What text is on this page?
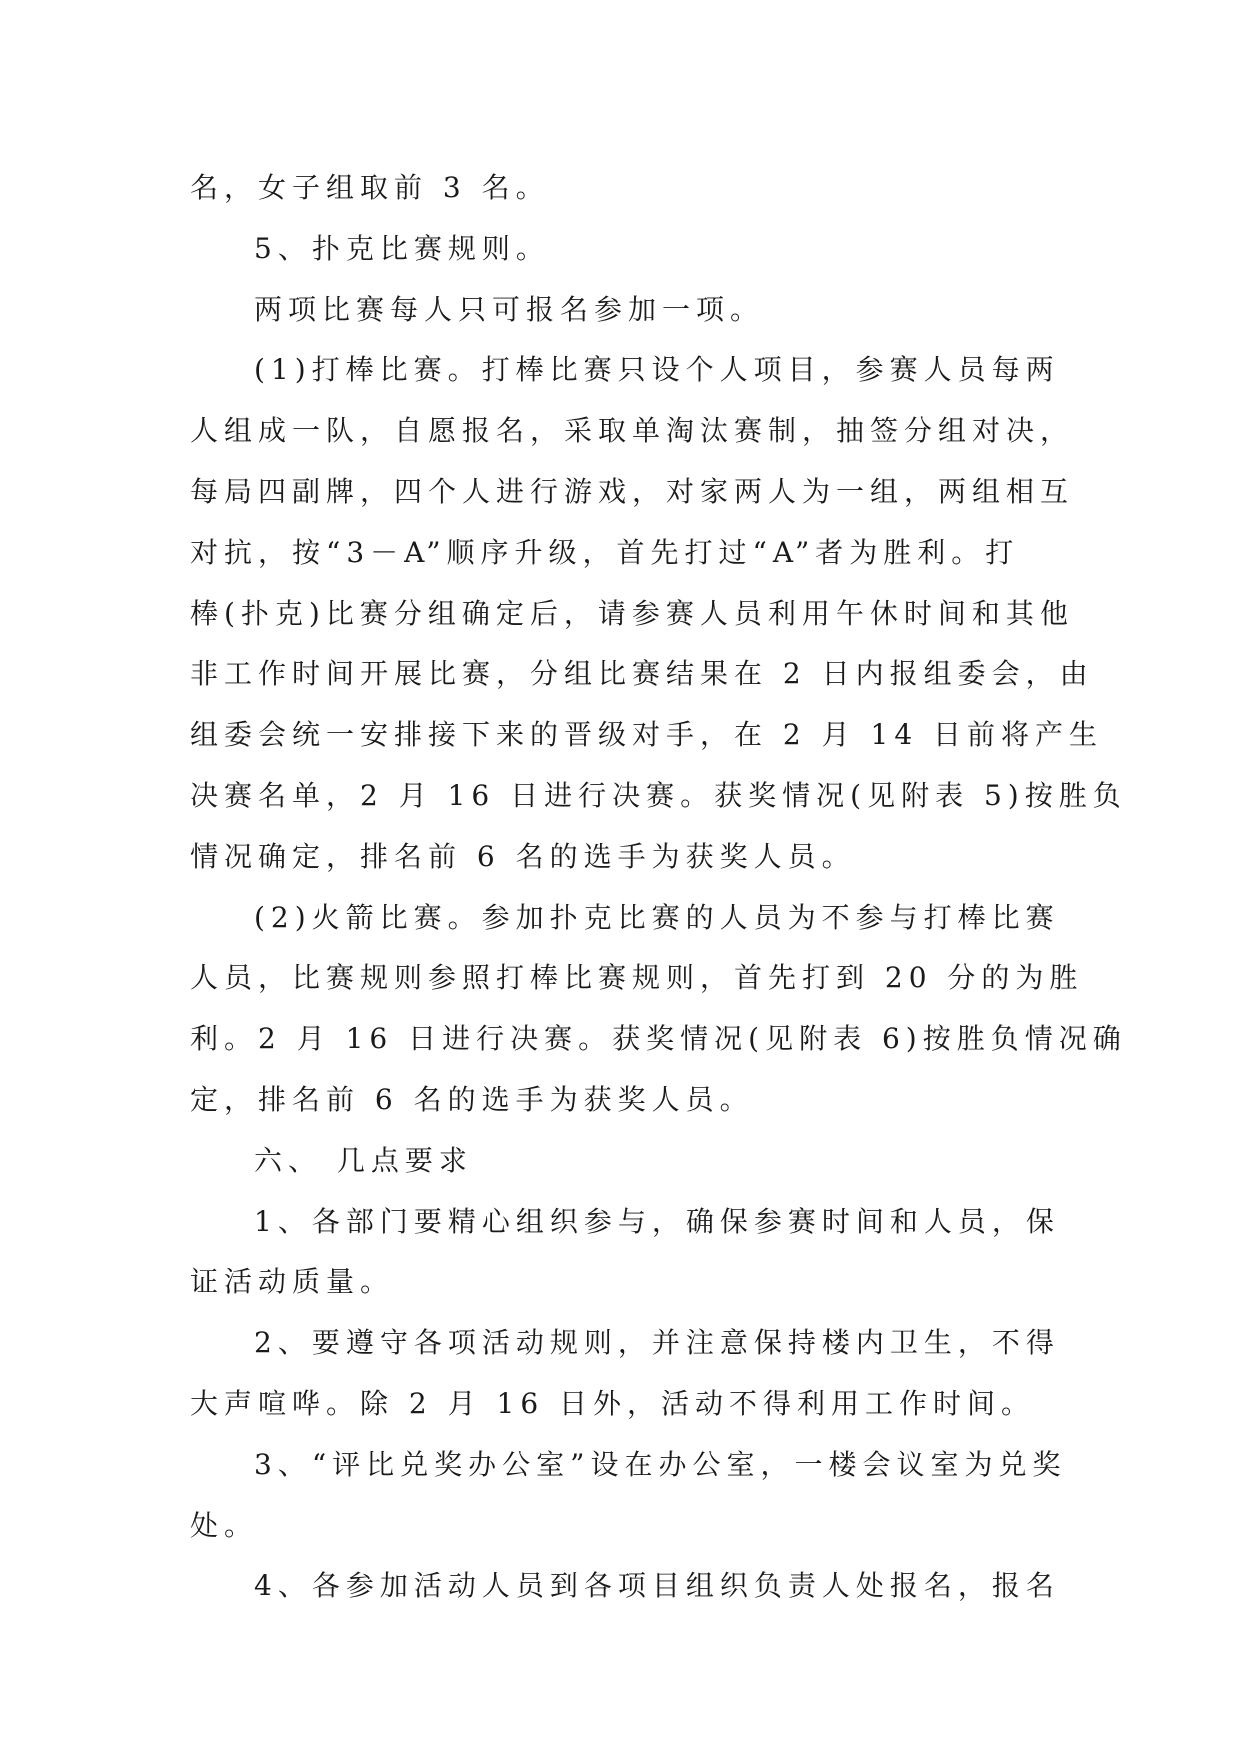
名，女子组取前 3 名。
5、扑克比赛规则。
两项比赛每人只可报名参加一项。
(1)打棒比赛。打棒比赛只设个人项目，参赛人员每两
人组成一队，自愿报名，采取单淘汰赛制，抽签分组对决，
每局四副牌，四个人进行游戏，对家两人为一组，两组相互
对抗，按“3－A”顺序升级，首先打过“A”者为胜利。打
棒(扑克)比赛分组确定后，请参赛人员利用午休时间和其他
非工作时间开展比赛，分组比赛结果在 2 日内报组委会，由
组委会统一安排接下来的晋级对手，在 2 月 14 日前将产生
决赛名单，2 月 16 日进行决赛。获奖情况(见附表 5)按胜负
情况确定，排名前 6 名的选手为获奖人员。
(2)火箭比赛。参加扑克比赛的人员为不参与打棒比赛
人员，比赛规则参照打棒比赛规则，首先打到 20 分的为胜
利。2 月 16 日进行决赛。获奖情况(见附表 6)按胜负情况确
定，排名前 6 名的选手为获奖人员。
六、 几点要求
1、各部门要精心组织参与，确保参赛时间和人员，保
证活动质量。
2、要遵守各项活动规则，并注意保持楼内卫生，不得
大声喧哗。除 2 月 16 日外，活动不得利用工作时间。
3、“评比兑奖办公室”设在办公室，一楼会议室为兑奖
处。
4、各参加活动人员到各项目组织负责人处报名，报名
